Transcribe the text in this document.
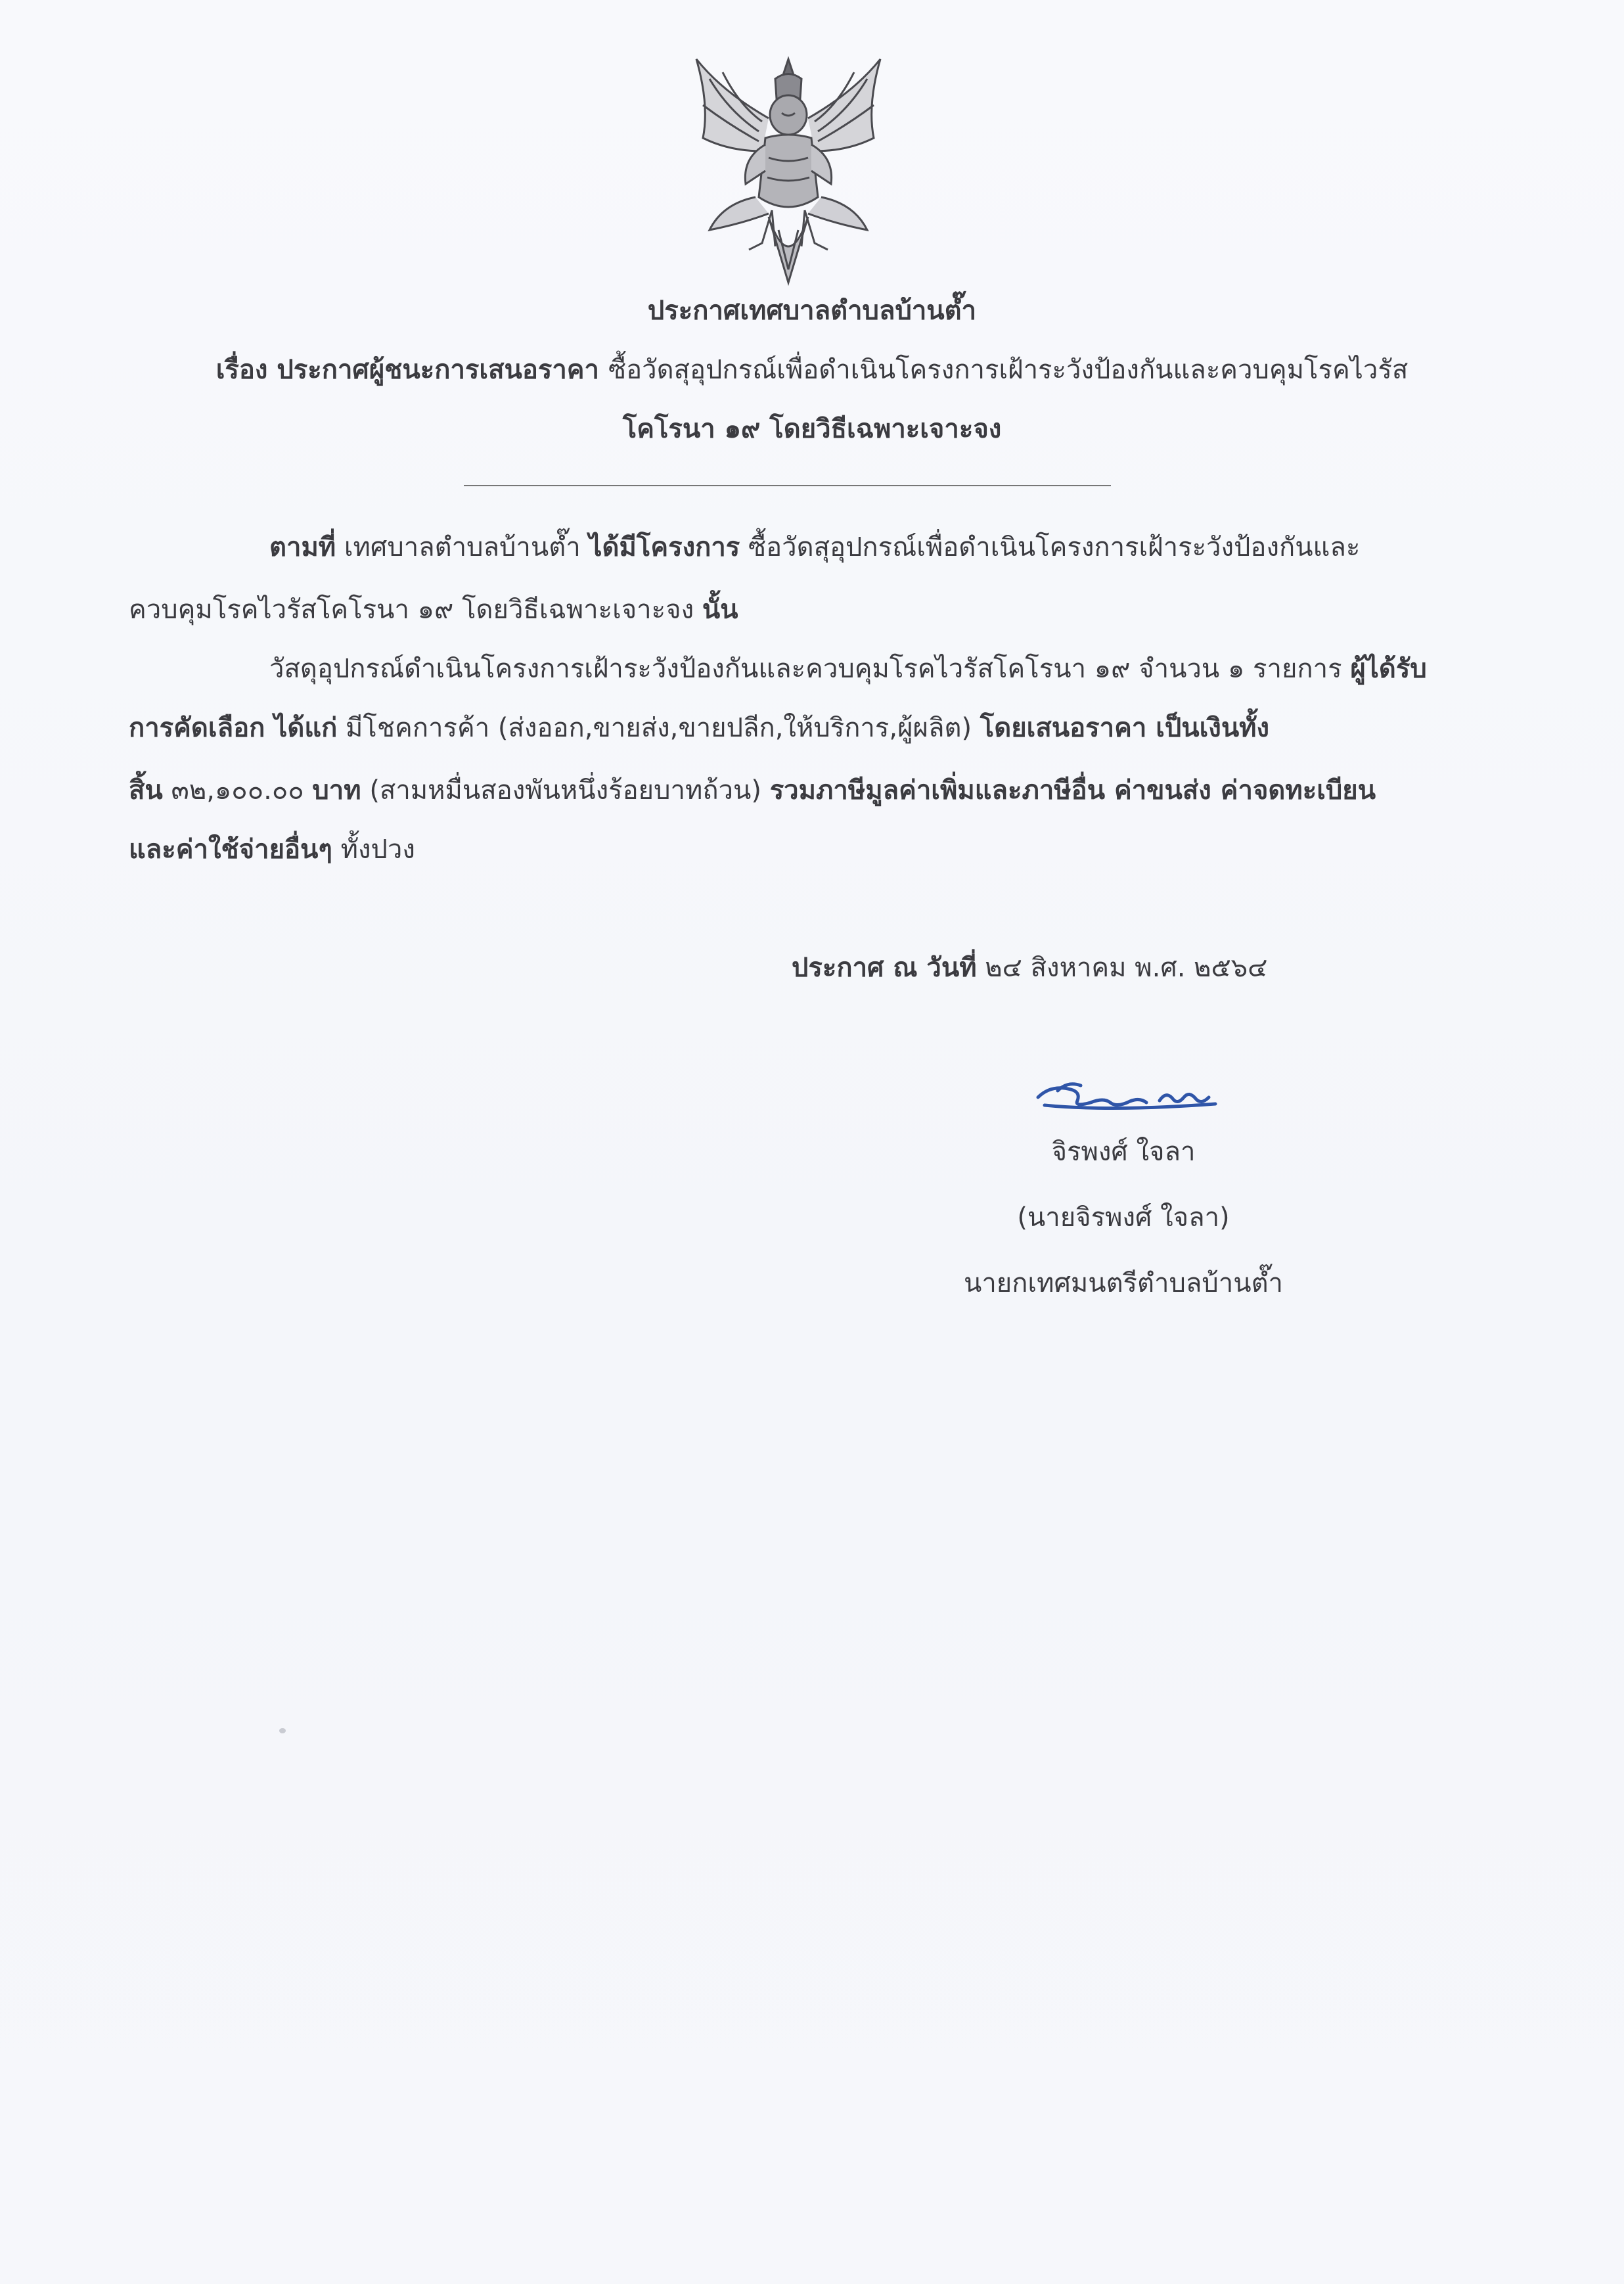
ประกาศเทศบาลตำบลบ้านต๊ำ
เรื่อง ประกาศผู้ชนะการเสนอราคา ซื้อวัดสุอุปกรณ์เพื่อดำเนินโครงการเฝ้าระวังป้องกันและควบคุมโรคไวรัส
โคโรนา ๑๙ โดยวิธีเฉพาะเจาะจง
ตามที่ เทศบาลตำบลบ้านต๊ำ ได้มีโครงการ ซื้อวัดสุอุปกรณ์เพื่อดำเนินโครงการเฝ้าระวังป้องกันและ
ควบคุมโรคไวรัสโคโรนา ๑๙ โดยวิธีเฉพาะเจาะจง นั้น
วัสดุอุปกรณ์ดำเนินโครงการเฝ้าระวังป้องกันและควบคุมโรคไวรัสโคโรนา ๑๙ จำนวน ๑ รายการ ผู้ได้รับ
การคัดเลือก ได้แก่ มีโชคการค้า (ส่งออก,ขายส่ง,ขายปลีก,ให้บริการ,ผู้ผลิต) โดยเสนอราคา เป็นเงินทั้ง
สิ้น ๓๒,๑๐๐.๐๐ บาท (สามหมื่นสองพันหนึ่งร้อยบาทถ้วน) รวมภาษีมูลค่าเพิ่มและภาษีอื่น ค่าขนส่ง ค่าจดทะเบียน
และค่าใช้จ่ายอื่นๆ ทั้งปวง
ประกาศ ณ วันที่ ๒๔ สิงหาคม พ.ศ. ๒๕๖๔
จิรพงศ์ ใจลา
(นายจิรพงศ์ ใจลา)
นายกเทศมนตรีตำบลบ้านต๊ำ
